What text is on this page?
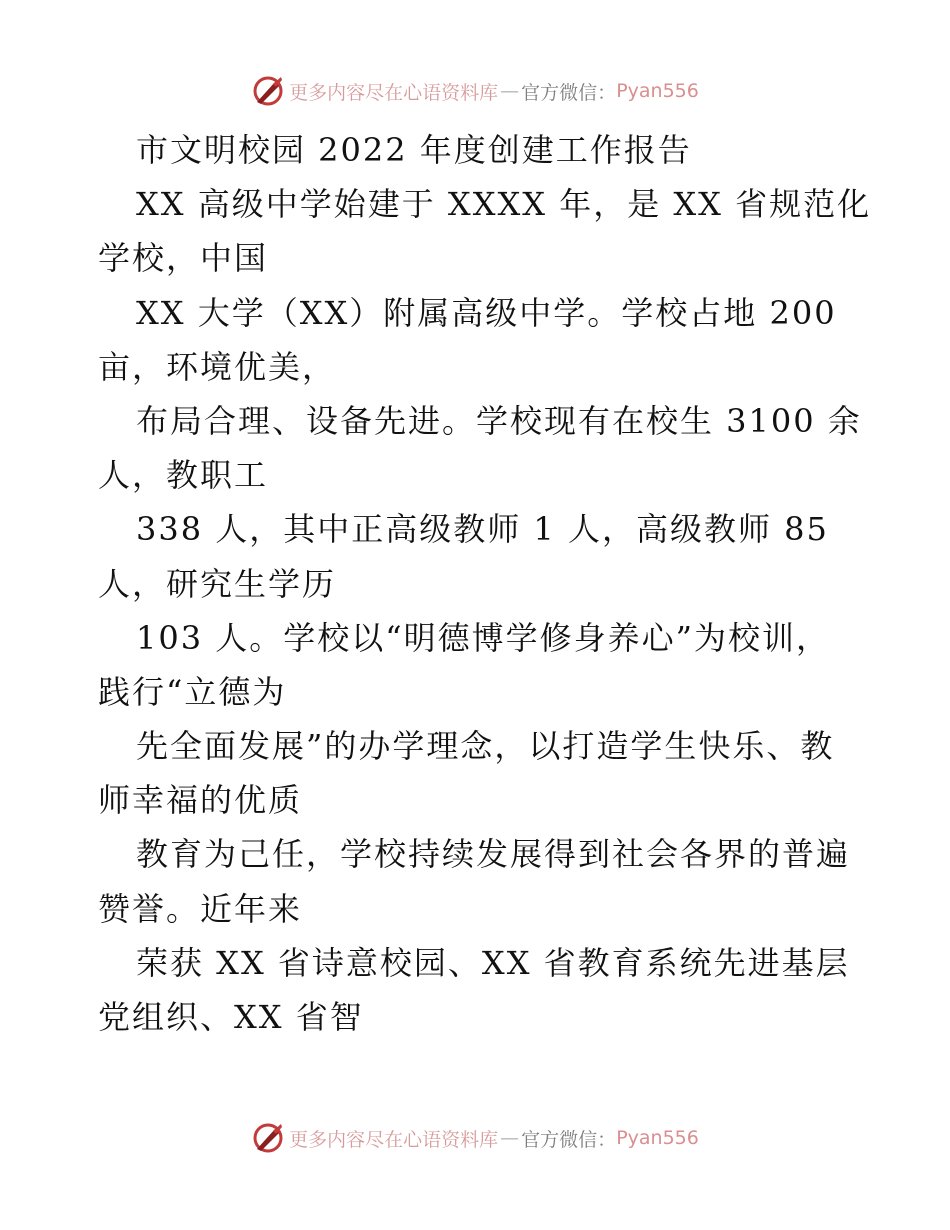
更多内容尽在心语资料库 — 官方微信： Pyan556
市文明校园 2022 年度创建工作报告
XX 高级中学始建于 XXXX 年，是 XX 省规范化
学校，中国
XX 大学（XX）附属高级中学。学校占地 200
亩，环境优美，
布局合理、设备先进。学校现有在校生 3100 余
人，教职工
338 人，其中正高级教师 1 人，高级教师 85
人，研究生学历
103 人。学校以“明德博学修身养心”为校训，
践行“立德为
先全面发展”的办学理念，以打造学生快乐、教
师幸福的优质
教育为己任，学校持续发展得到社会各界的普遍
赞誉。近年来
荣获 XX 省诗意校园、XX 省教育系统先进基层
党组织、XX 省智
更多内容尽在心语资料库 — 官方微信： Pyan556
